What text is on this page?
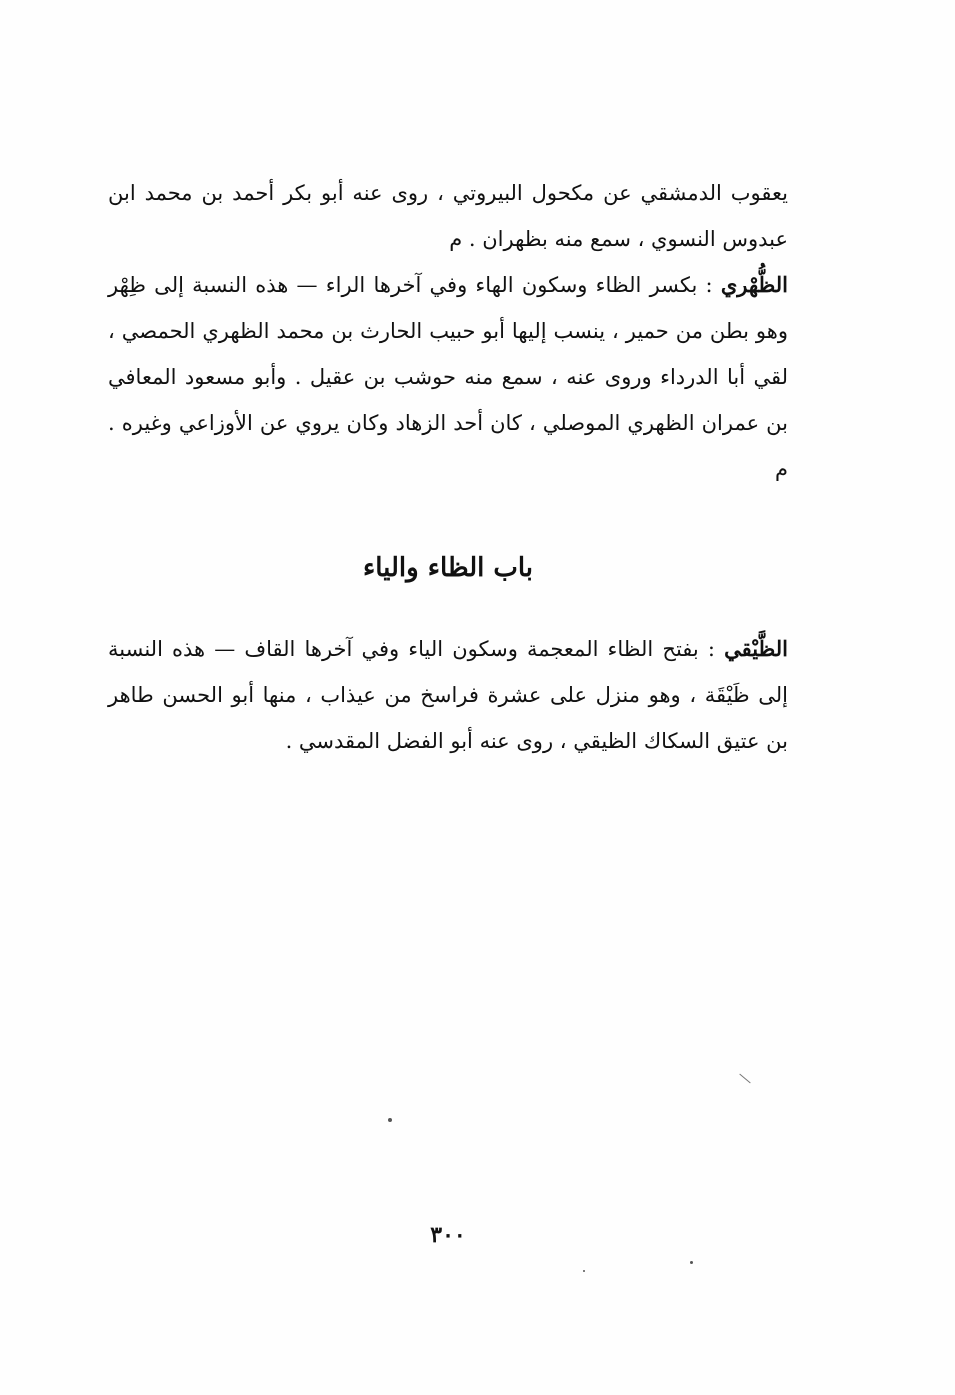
يعقوب الدمشقي عن مكحول البيروتي ، روى عنه أبو بكر أحمد بن محمد ابن عبدوس النسوي ، سمع منه بظهران . م

الظُّهْري : بكسر الظاء وسكون الهاء وفي آخرها الراء — هذه النسبة إلى ظِهْر وهو بطن من حمير ، ينسب إليها أبو حبيب الحارث بن محمد الظهري الحمصي ، لقي أبا الدرداء وروى عنه ، سمع منه حوشب بن عقيل . وأبو مسعود المعافي بن عمران الظهري الموصلي ، كان أحد الزهاد وكان يروي عن الأوزاعي وغيره . م

باب الظاء والياء

الظَّيْقي : بفتح الظاء المعجمة وسكون الياء وفي آخرها القاف — هذه النسبة إلى ظَيْقَة ، وهو منزل على عشرة فراسخ من عيذاب ، منها أبو الحسن طاهر بن عتيق السكاك الظيقي ، روى عنه أبو الفضل المقدسي .

٣٠٠
